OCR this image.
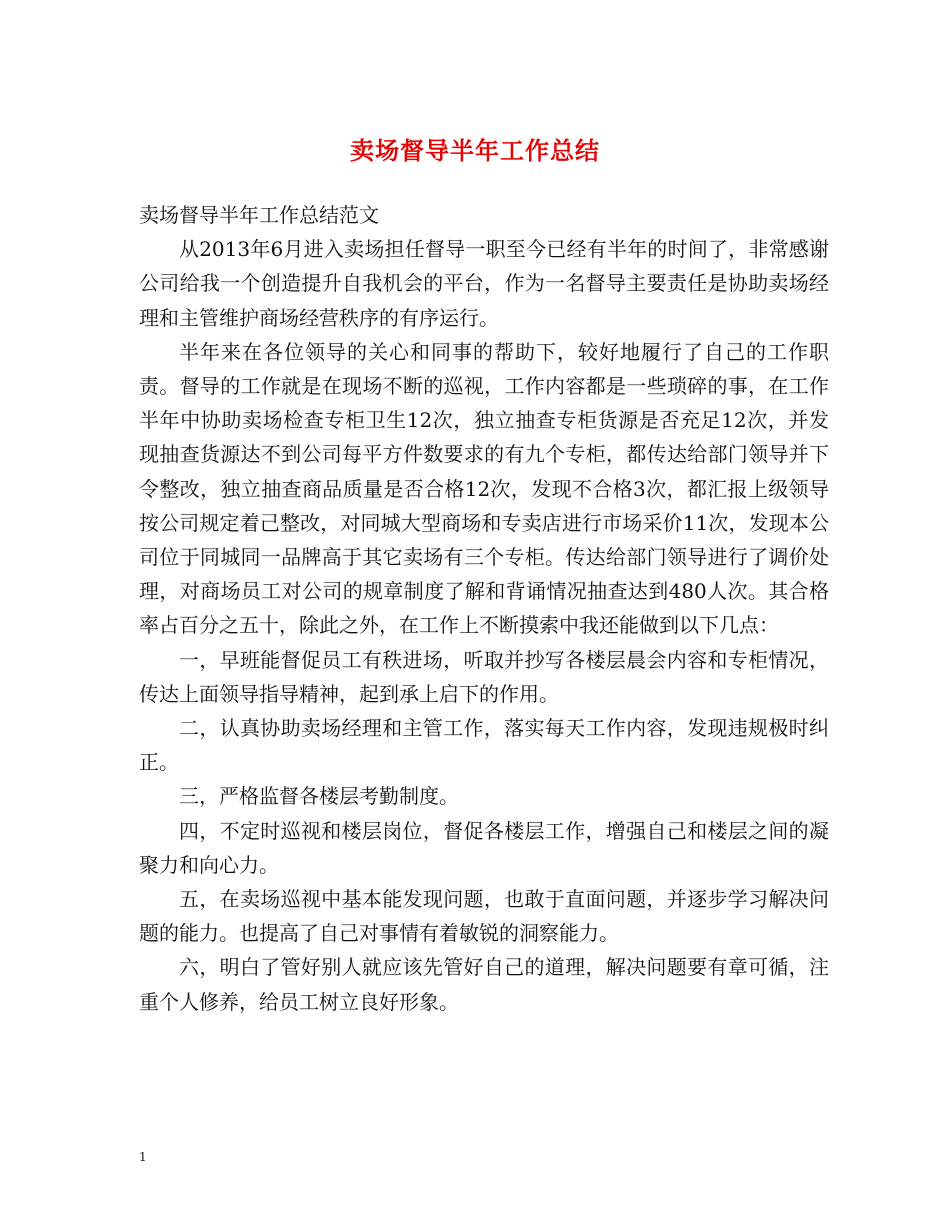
卖场督导半年工作总结

卖场督导半年工作总结范文

从2013年6月进入卖场担任督导一职至今已经有半年的时间了，非常感谢公司给我一个创造提升自我机会的平台，作为一名督导主要责任是协助卖场经理和主管维护商场经营秩序的有序运行。

半年来在各位领导的关心和同事的帮助下，较好地履行了自己的工作职责。督导的工作就是在现场不断的巡视，工作内容都是一些琐碎的事，在工作半年中协助卖场检查专柜卫生12次，独立抽查专柜货源是否充足12次，并发现抽查货源达不到公司每平方件数要求的有九个专柜，都传达给部门领导并下令整改，独立抽查商品质量是否合格12次，发现不合格3次，都汇报上级领导按公司规定着己整改，对同城大型商场和专卖店进行市场采价11次，发现本公司位于同城同一品牌高于其它卖场有三个专柜。传达给部门领导进行了调价处理，对商场员工对公司的规章制度了解和背诵情况抽查达到480人次。其合格率占百分之五十，除此之外，在工作上不断摸索中我还能做到以下几点：

一，早班能督促员工有秩进场，听取并抄写各楼层晨会内容和专柜情况，传达上面领导指导精神，起到承上启下的作用。

二，认真协助卖场经理和主管工作，落实每天工作内容，发现违规极时纠正。

三，严格监督各楼层考勤制度。

四，不定时巡视和楼层岗位，督促各楼层工作，增强自己和楼层之间的凝聚力和向心力。

五，在卖场巡视中基本能发现问题，也敢于直面问题，并逐步学习解决问题的能力。也提高了自己对事情有着敏锐的洞察能力。

六，明白了管好别人就应该先管好自己的道理，解决问题要有章可循，注重个人修养，给员工树立良好形象。

1
